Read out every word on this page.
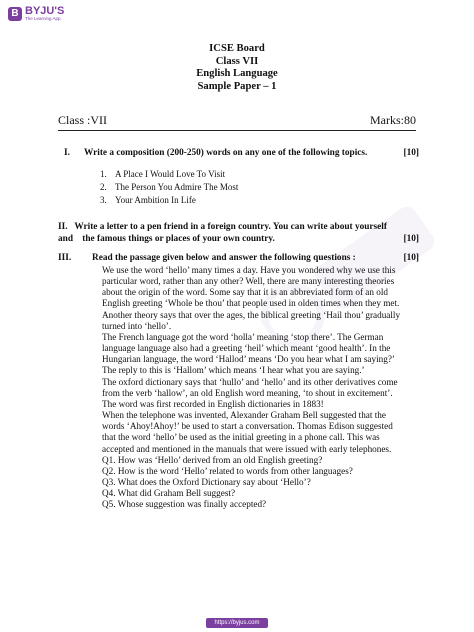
B BYJU'S
The Learning App
ICSE Board
Class VII
English Language
Sample Paper – 1
Class :VII	Marks:80
I.	Write a composition (200-250) words on any one of the following topics.	[10]
1. A Place I Would Love To Visit
2. The Person You Admire The Most
3. Your Ambition In Life
II.   Write a letter to a pen friend in a foreign country. You can write about yourself
and    the famous things or places of your own country.	[10]
III.	Read the passage given below and answer the following questions :	[10]
We use the word ‘hello’ many times a day. Have you wondered why we use this
particular word, rather than any other? Well, there are many interesting theories
about the origin of the word. Some say that it is an abbreviated form of an old
English greeting ‘Whole be thou’ that people used in olden times when they met.
Another theory says that over the ages, the biblical greeting ‘Hail thou’ gradually
turned into ‘hello’.
The French language got the word ‘holla’ meaning ‘stop there’. The German
language language also had a greeting ‘heil’ which meant ‘good health’. In the
Hungarian language, the word ‘Hallod’ means ‘Do you hear what I am saying?’
The reply to this is ‘Hallom’ which means ‘I hear what you are saying.’
The oxford dictionary says that ‘hullo’ and ‘hello’ and its other derivatives come
from the verb ‘hallow’, an old English word meaning, ‘to shout in excitement’.
The word was first recorded in English dictionaries in 1883!
When the telephone was invented, Alexander Graham Bell suggested that the
words ‘Ahoy!Ahoy!’ be used to start a conversation. Thomas Edison suggested
that the word ‘hello’ be used as the initial greeting in a phone call. This was
accepted and mentioned in the manuals that were issued with early telephones.
Q1. How was ‘Hello’ derived from an old English greeting?
Q2. How is the word ‘Hello’ related to words from other languages?
Q3. What does the Oxford Dictionary say about ‘Hello’?
Q4. What did Graham Bell suggest?
Q5. Whose suggestion was finally accepted?
https://byjus.com
